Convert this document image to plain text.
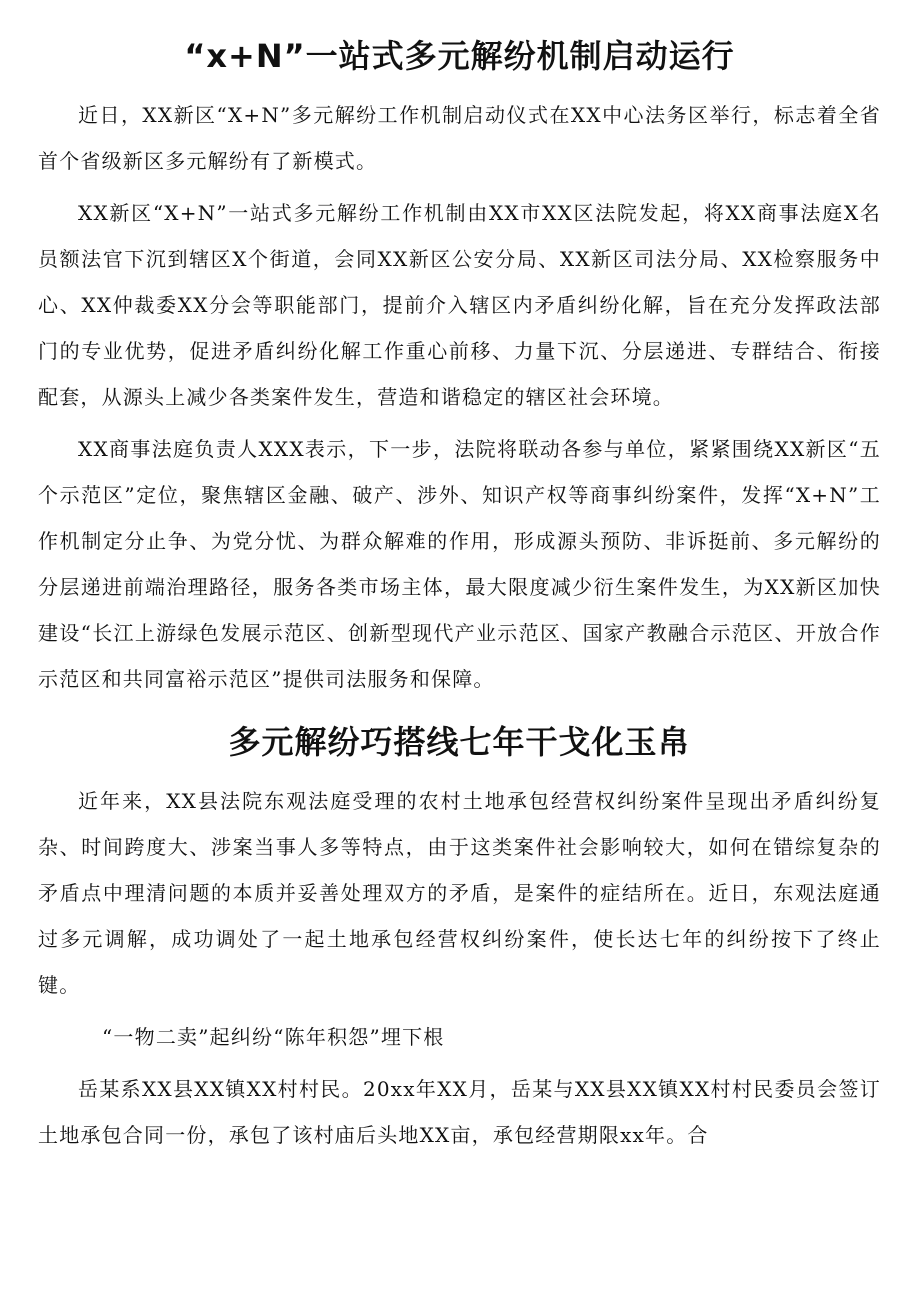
“x+N”一站式多元解纷机制启动运行

近日，XX新区“X+N”多元解纷工作机制启动仪式在XX中心法务区举行，标志着全省首个省级新区多元解纷有了新模式。

XX新区“X+N”一站式多元解纷工作机制由XX市XX区法院发起，将XX商事法庭X名员额法官下沉到辖区X个街道，会同XX新区公安分局、XX新区司法分局、XX检察服务中心、XX仲裁委XX分会等职能部门，提前介入辖区内矛盾纠纷化解，旨在充分发挥政法部门的专业优势，促进矛盾纠纷化解工作重心前移、力量下沉、分层递进、专群结合、衔接配套，从源头上减少各类案件发生，营造和谐稳定的辖区社会环境。

XX商事法庭负责人XXX表示，下一步，法院将联动各参与单位，紧紧围绕XX新区“五个示范区”定位，聚焦辖区金融、破产、涉外、知识产权等商事纠纷案件，发挥“X+N”工作机制定分止争、为党分忧、为群众解难的作用，形成源头预防、非诉挺前、多元解纷的分层递进前端治理路径，服务各类市场主体，最大限度减少衍生案件发生，为XX新区加快建设“长江上游绿色发展示范区、创新型现代产业示范区、国家产教融合示范区、开放合作示范区和共同富裕示范区”提供司法服务和保障。

多元解纷巧搭线七年干戈化玉帛

近年来，XX县法院东观法庭受理的农村土地承包经营权纠纷案件呈现出矛盾纠纷复杂、时间跨度大、涉案当事人多等特点，由于这类案件社会影响较大，如何在错综复杂的矛盾点中理清问题的本质并妥善处理双方的矛盾，是案件的症结所在。近日，东观法庭通过多元调解，成功调处了一起土地承包经营权纠纷案件，使长达七年的纠纷按下了终止键。

“一物二卖”起纠纷“陈年积怨”埋下根

岳某系XX县XX镇XX村村民。20xx年XX月，岳某与XX县XX镇XX村村民委员会签订土地承包合同一份，承包了该村庙后头地XX亩，承包经营期限xx年。合
